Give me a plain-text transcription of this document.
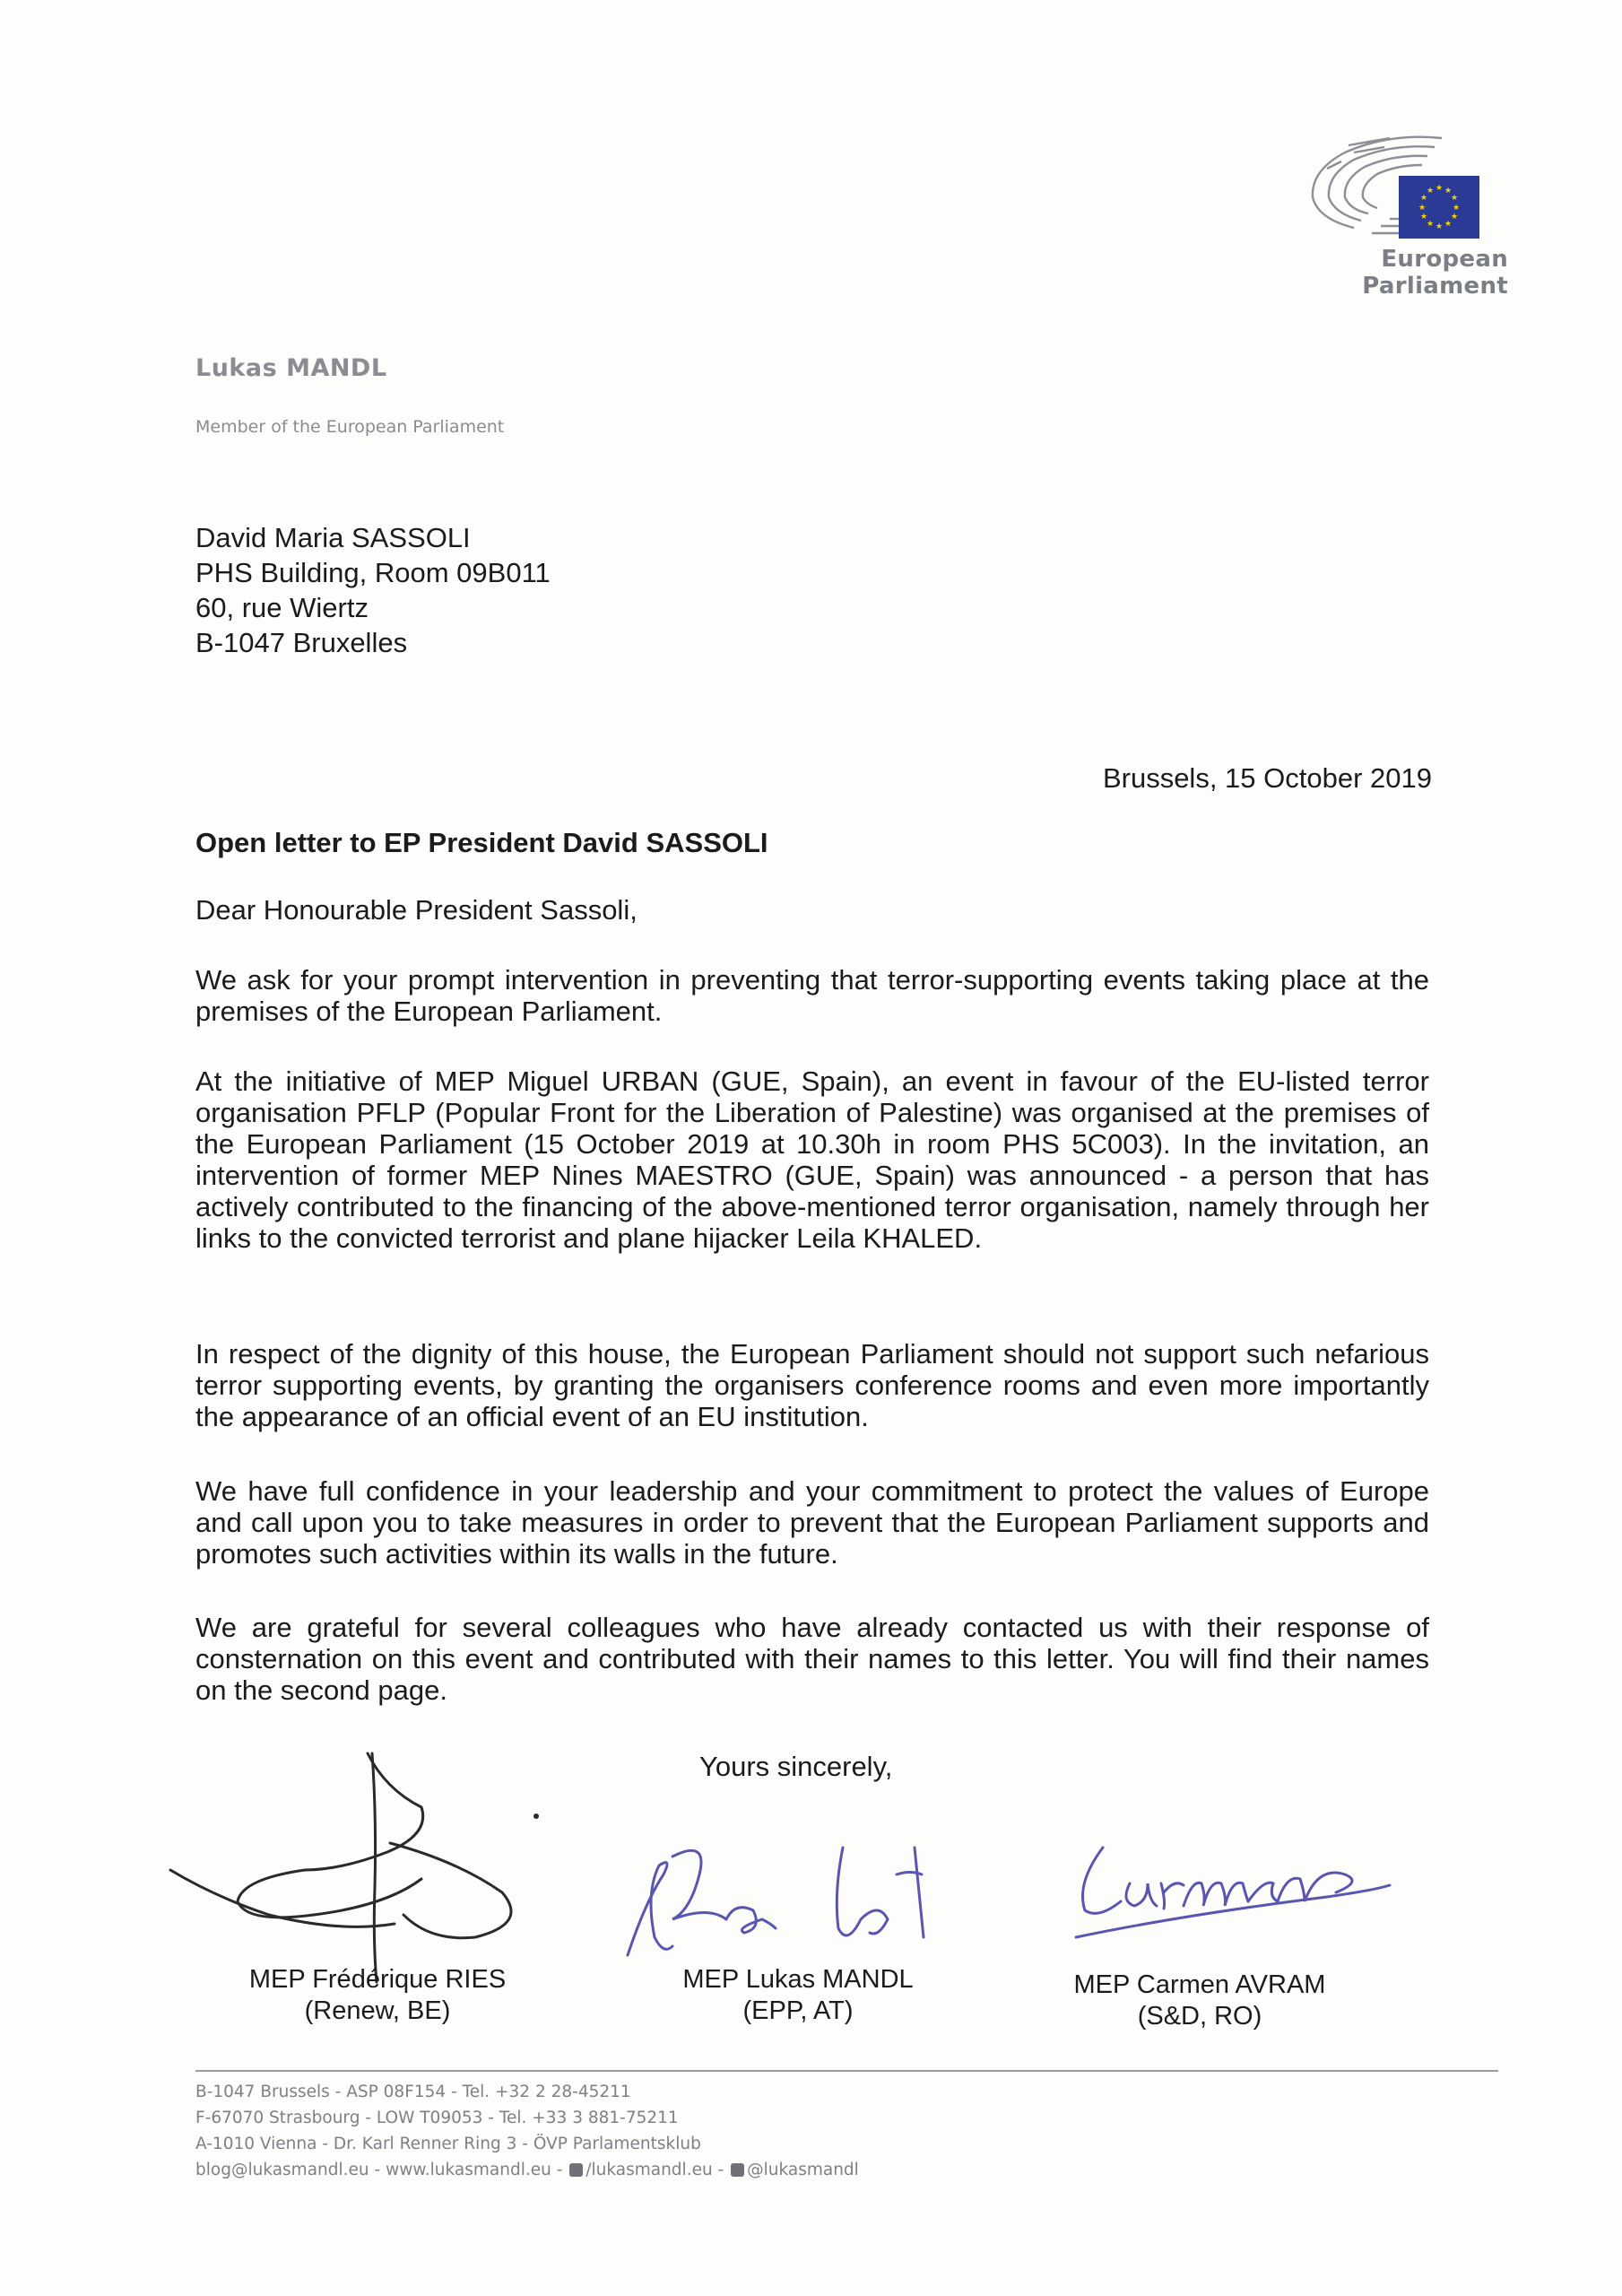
★ ★
★
★
★
★
★
★
★
★
★
★
European Parliament
Lukas MANDL
Member of the European Parliament
David Maria SASSOLI
PHS Building, Room 09B011
60, rue Wiertz
B-1047 Bruxelles
Brussels, 15 October 2019
Open letter to EP President David SASSOLI
Dear Honourable President Sassoli,
We ask for your prompt intervention in preventing that terror-supporting events taking place at the premises of the European Parliament.
At the initiative of MEP Miguel URBAN (GUE, Spain), an event in favour of the EU-listed terror organisation PFLP (Popular Front for the Liberation of Palestine) was organised at the premises of the European Parliament (15 October 2019 at 10.30h in room PHS 5C003). In the invitation, an intervention of former MEP Nines MAESTRO (GUE, Spain) was announced - a person that has actively contributed to the financing of the above-mentioned terror organisation, namely through her links to the convicted terrorist and plane hijacker Leila KHALED.
In respect of the dignity of this house, the European Parliament should not support such nefarious terror supporting events, by granting the organisers conference rooms and even more importantly the appearance of an official event of an EU institution.
We have full confidence in your leadership and your commitment to protect the values of Europe and call upon you to take measures in order to prevent that the European Parliament supports and promotes such activities within its walls in the future.
We are grateful for several colleagues who have already contacted us with their response of consternation on this event and contributed with their names to this letter. You will find their names on the second page.
Yours sincerely,
MEP Frédérique RIES
(Renew, BE)
MEP Lukas MANDL
(EPP, AT)
MEP Carmen AVRAM
(S&D, RO)
B-1047 Brussels - ASP 08F154 - Tel. +32 2 28-45211
F-67070 Strasbourg - LOW T09053 - Tel. +33 3 881-75211
A-1010 Vienna - Dr. Karl Renner Ring 3 - ÖVP Parlamentsklub
blog@lukasmandl.eu - www.lukasmandl.eu - /lukasmandl.eu - @lukasmandl
